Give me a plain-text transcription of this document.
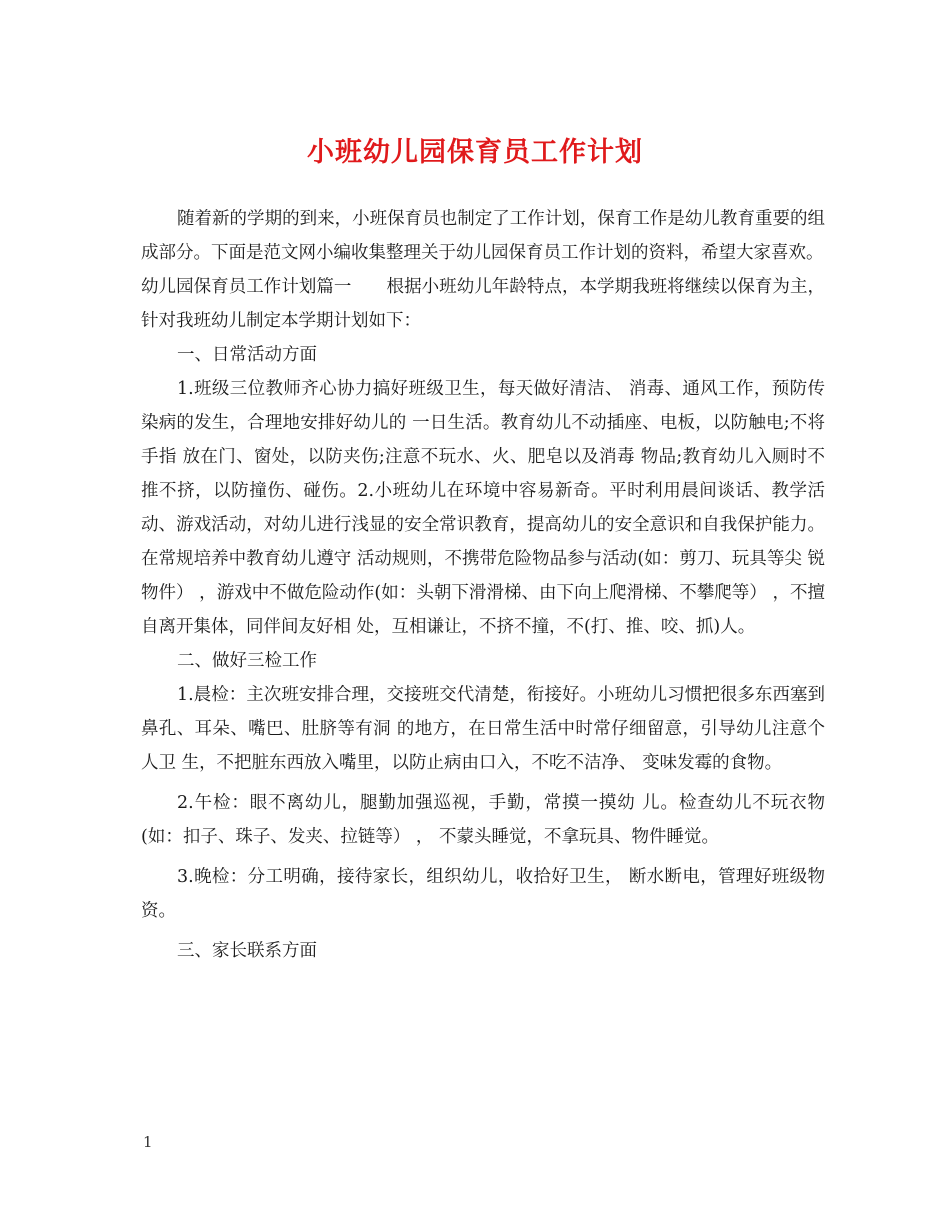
小班幼儿园保育员工作计划

随着新的学期的到来，小班保育员也制定了工作计划，保育工作是幼儿教育重要的组成部分。下面是范文网小编收集整理关于幼儿园保育员工作计划的资料，希望大家喜欢。

幼儿园保育员工作计划篇一　　根据小班幼儿年龄特点，本学期我班将继续以保育为主，针对我班幼儿制定本学期计划如下：

一、日常活动方面

1.班级三位教师齐心协力搞好班级卫生，每天做好清洁、 消毒、通风工作，预防传染病的发生，合理地安排好幼儿的 一日生活。教育幼儿不动插座、电板，以防触电;不将手指 放在门、窗处，以防夹伤;注意不玩水、火、肥皂以及消毒 物品;教育幼儿入厕时不推不挤，以防撞伤、碰伤。2.小班幼儿在环境中容易新奇。平时利用晨间谈话、教学活动、游戏活动，对幼儿进行浅显的安全常识教育，提高幼儿的安全意识和自我保护能力。在常规培养中教育幼儿遵守 活动规则，不携带危险物品参与活动(如：剪刀、玩具等尖 锐物件） ，游戏中不做危险动作(如：头朝下滑滑梯、由下向上爬滑梯、不攀爬等） ，不擅自离开集体，同伴间友好相 处，互相谦让，不挤不撞，不(打、推、咬、抓)人。

二、做好三检工作

1.晨检：主次班安排合理，交接班交代清楚，衔接好。小班幼儿习惯把很多东西塞到鼻孔、耳朵、嘴巴、肚脐等有洞 的地方，在日常生活中时常仔细留意，引导幼儿注意个人卫 生，不把脏东西放入嘴里，以防止病由口入，不吃不洁净、 变味发霉的食物。

2.午检：眼不离幼儿，腿勤加强巡视，手勤，常摸一摸幼 儿。检查幼儿不玩衣物(如：扣子、珠子、发夹、拉链等） ， 不蒙头睡觉，不拿玩具、物件睡觉。

3.晚检：分工明确，接待家长，组织幼儿，收拾好卫生， 断水断电，管理好班级物资。

三、家长联系方面

1
